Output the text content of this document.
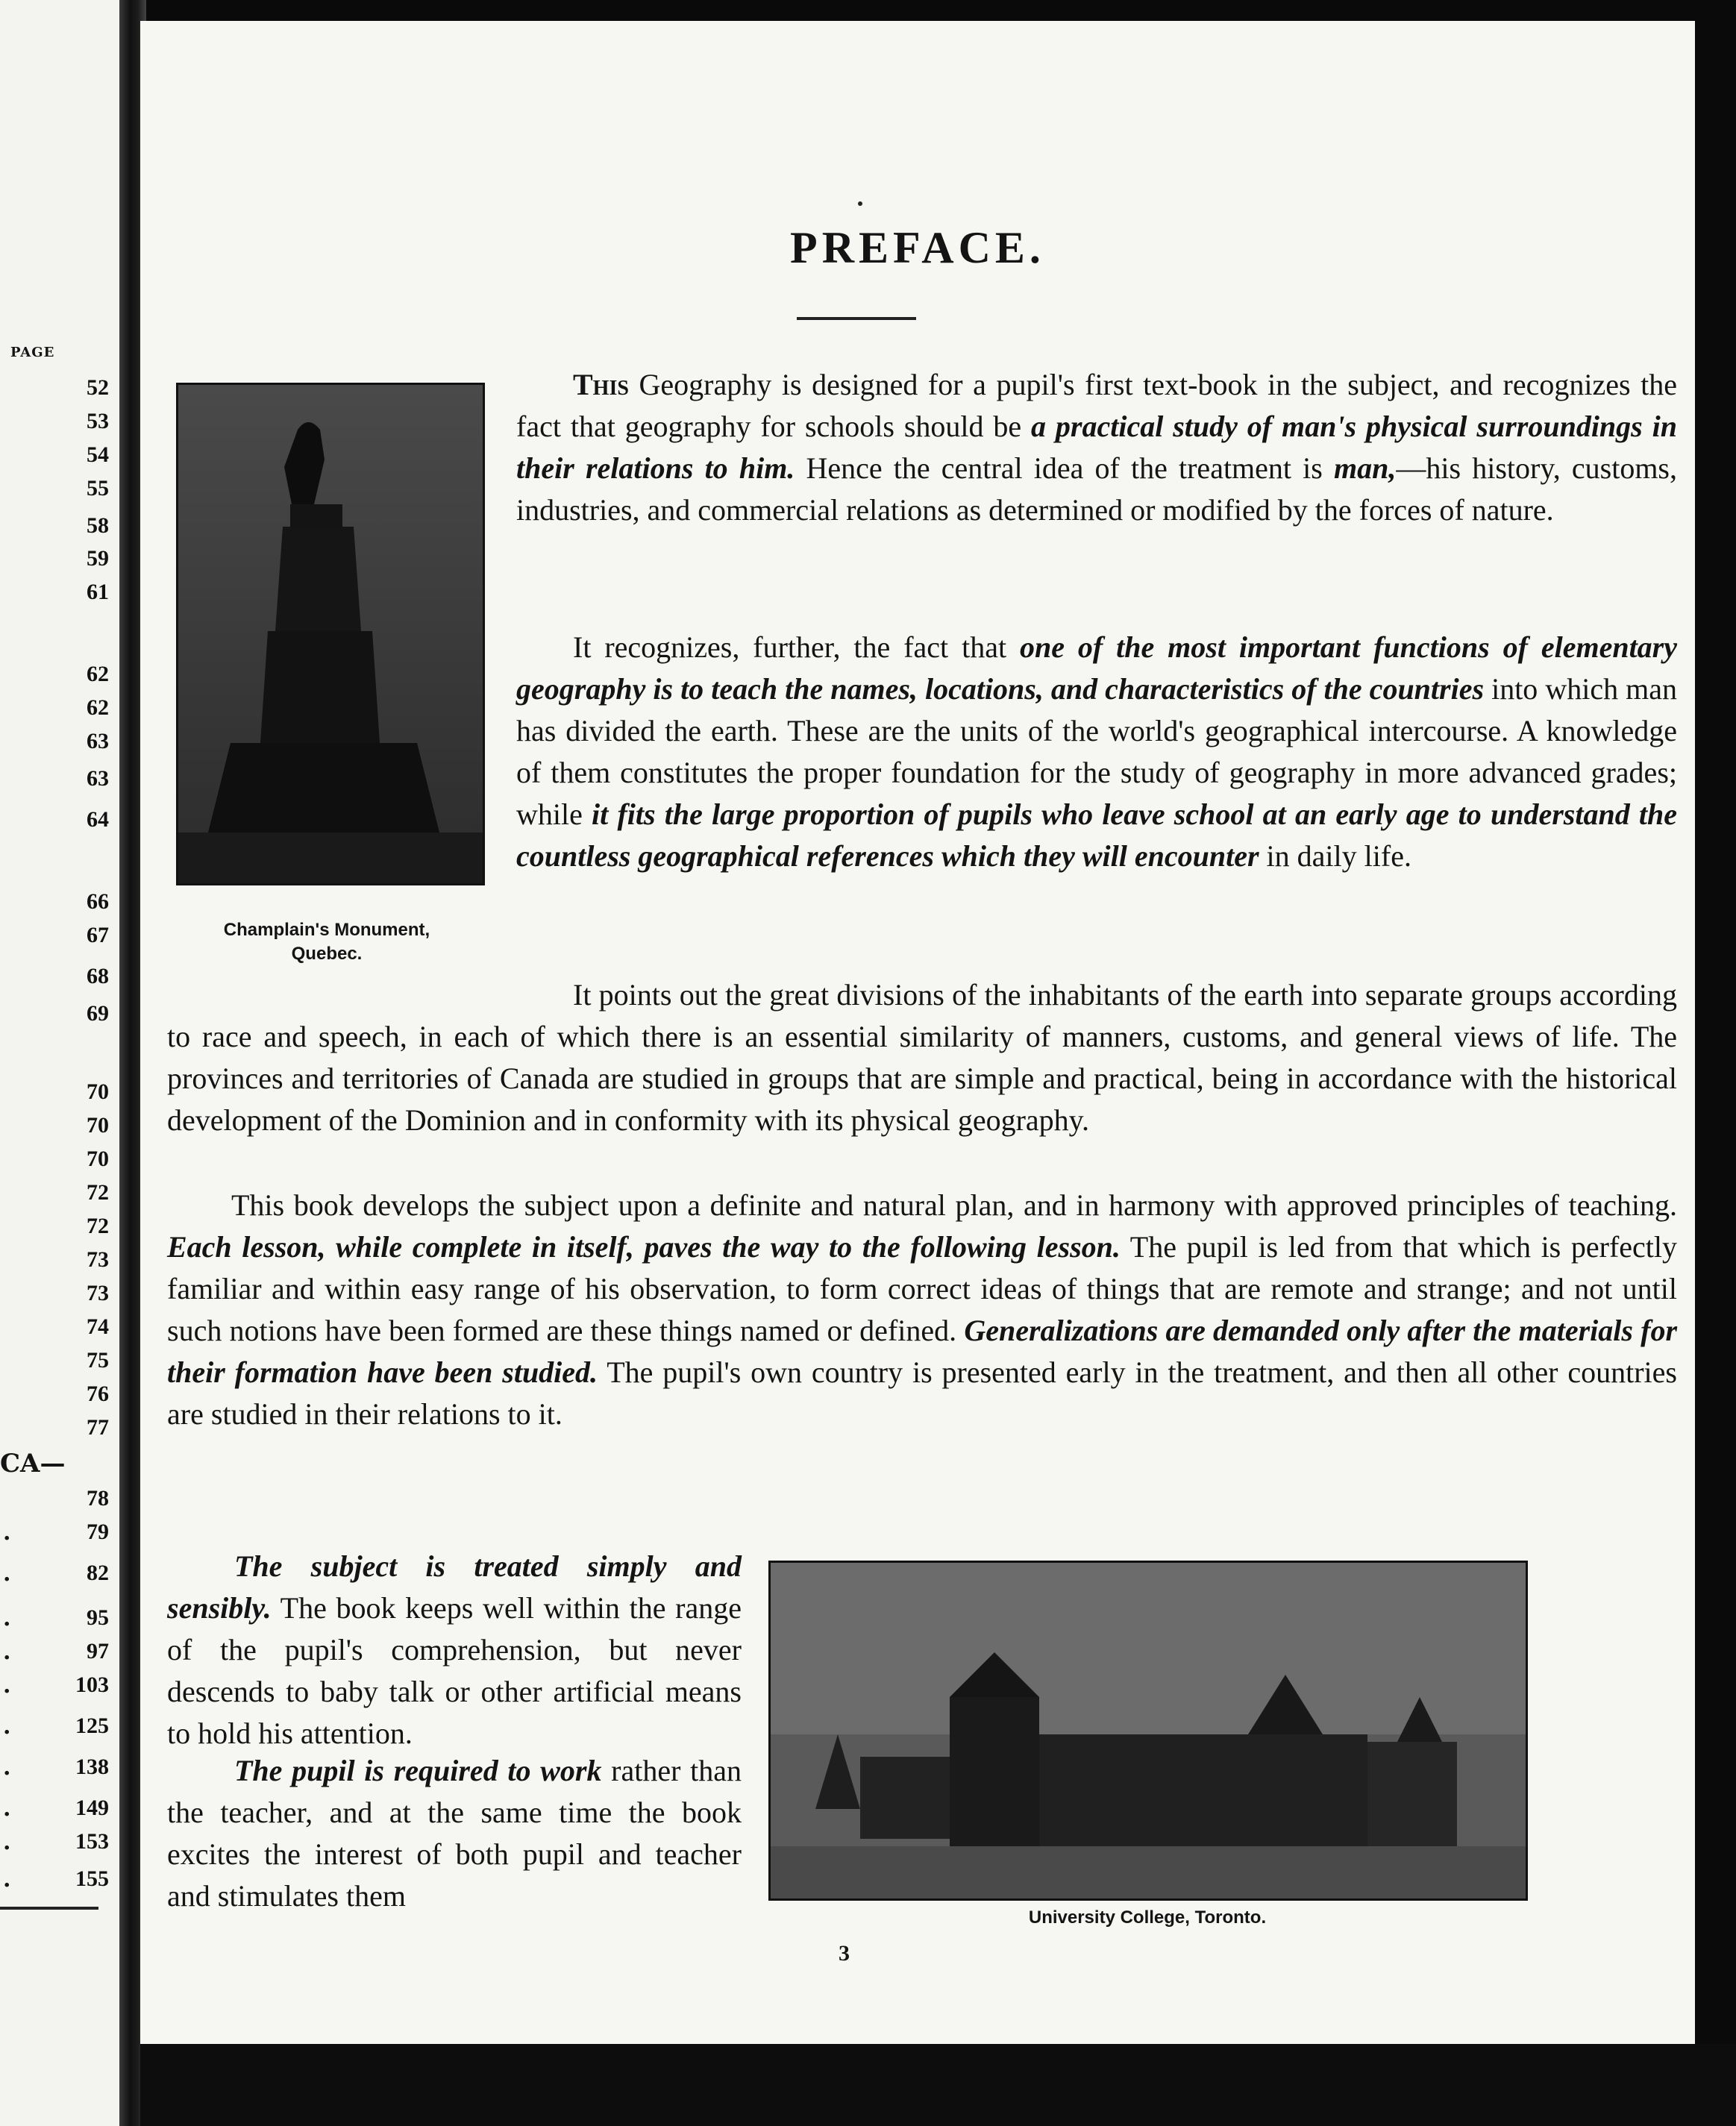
PAGE
52
53
54
55
58
59
61
62
62
63
63
64
66
67
68
69
70
70
70
72
72
73
73
74
75
76
77
78
79
.
82
.
95
.
97
.
103
.
125
.
138
.
149
.
153
.
155
.
CA—
PREFACE.
Champlain's Monument,
Quebec.
This Geography is designed for a pupil's first text-book in the subject, and recognizes the fact that geography for schools should be a practical study of man's physical surroundings in their relations to him. Hence the central idea of the treatment is man,—his history, customs, industries, and commercial relations as determined or modified by the forces of nature.
It recognizes, further, the fact that one of the most important functions of elementary geography is to teach the names, locations, and characteristics of the countries into which man has divided the earth. These are the units of the world's geographical intercourse. A knowledge of them constitutes the proper foundation for the study of geography in more advanced grades; while it fits the large proportion of pupils who leave school at an early age to understand the countless geographical references which they will encounter in daily life.
It points out the great divisions of the inhabitants of the earth into separate groups according to race and speech, in each of which there is an essential similarity of manners, customs, and general views of life. The provinces and territories of Canada are studied in groups that are simple and practical, being in accordance with the historical development of the Dominion and in conformity with its physical geography.
This book develops the subject upon a definite and natural plan, and in harmony with approved principles of teaching. Each lesson, while complete in itself, paves the way to the following lesson. The pupil is led from that which is perfectly familiar and within easy range of his observation, to form correct ideas of things that are remote and strange; and not until such notions have been formed are these things named or defined. Generalizations are demanded only after the materials for their formation have been studied. The pupil's own country is presented early in the treatment, and then all other countries are studied in their relations to it.
The subject is treated simply and sensibly. The book keeps well within the range of the pupil's comprehension, but never descends to baby talk or other artificial means to hold his attention.
The pupil is required to work rather than the teacher, and at the same time the book excites the interest of both pupil and teacher and stimulates them
University College, Toronto.
3
